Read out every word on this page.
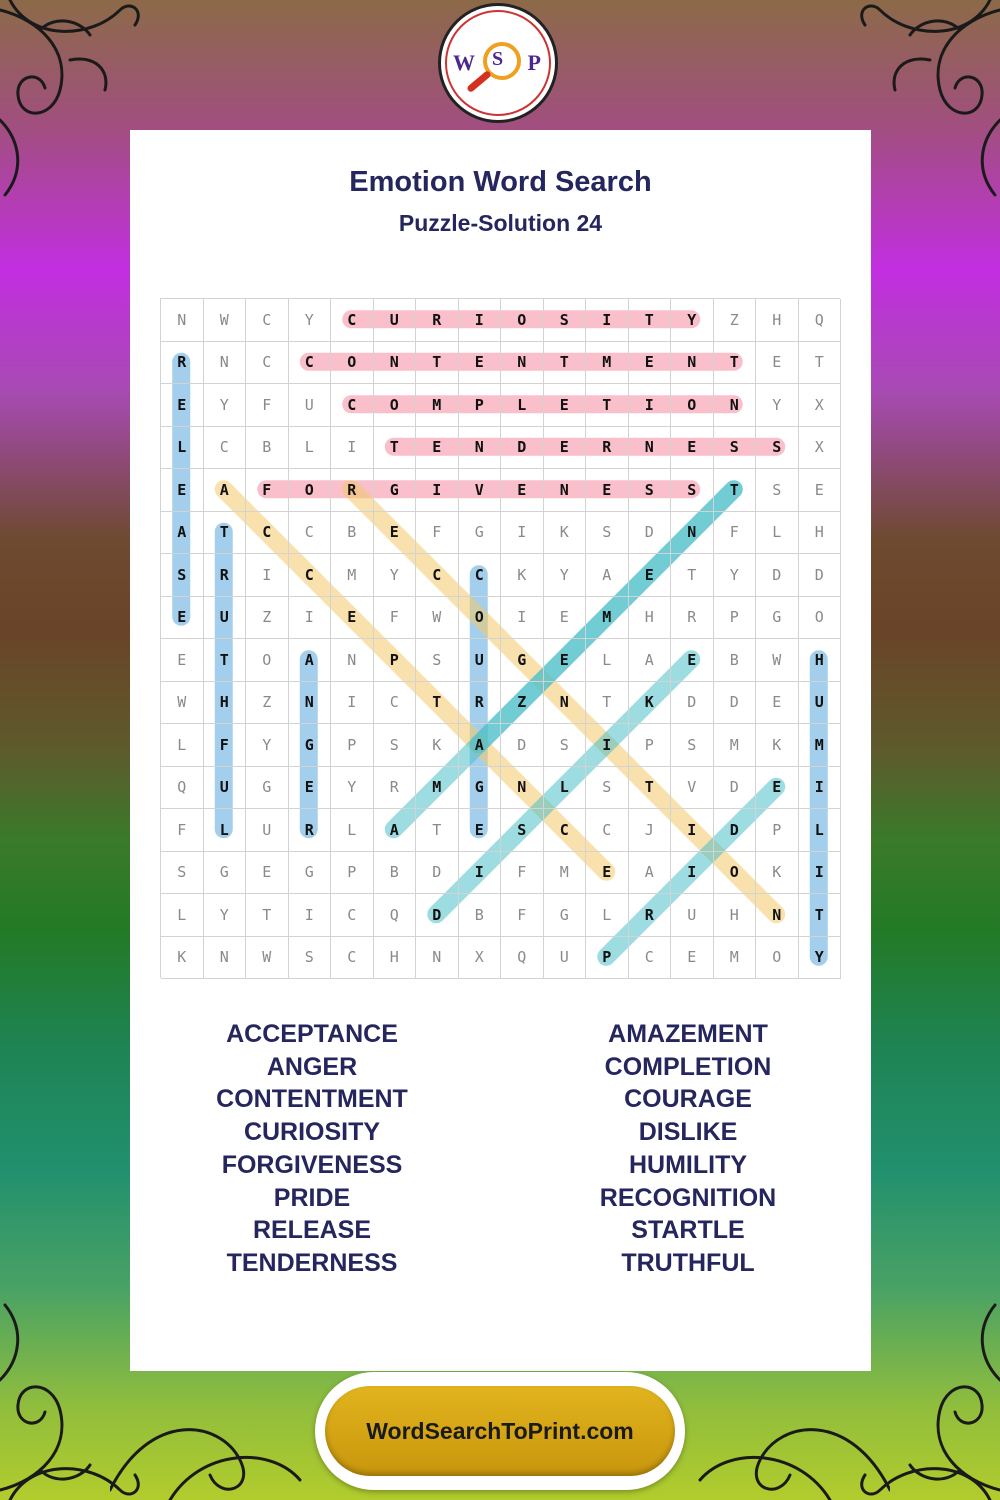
W S P
Emotion Word Search
Puzzle-Solution 24
N	W	C	Y	C	U	R	I	O	S	I	T	Y	Z	H	Q
R	N	C	C	O	N	T	E	N	T	M	E	N	T	E	T
E	Y	F	U	C	O	M	P	L	E	T	I	O	N	Y	X
L	C	B	L	I	T	E	N	D	E	R	N	E	S	S	X
E	A	F	O	R	G	I	V	E	N	E	S	S	T	S	E
A	T	C	C	B	E	F	G	I	K	S	D	N	F	L	H
S	R	I	C	M	Y	C	C	K	Y	A	E	T	Y	D	D
E	U	Z	I	E	F	W	O	I	E	M	H	R	P	G	O
E	T	O	A	N	P	S	U	G	E	L	A	E	B	W	H
W	H	Z	N	I	C	T	R	Z	N	T	K	D	D	E	U
L	F	Y	G	P	S	K	A	D	S	I	P	S	M	K	M
Q	U	G	E	Y	R	M	G	N	L	S	T	V	D	E	I
F	L	U	R	L	A	T	E	S	C	C	J	I	D	P	L
S	G	E	G	P	B	D	I	F	M	E	A	I	O	K	I
L	Y	T	I	C	Q	D	B	F	G	L	R	U	H	N	T
K	N	W	S	C	H	N	X	Q	U	P	C	E	M	O	Y
ACCEPTANCE
ANGER
CONTENTMENT
CURIOSITY
FORGIVENESS
PRIDE
RELEASE
TENDERNESS
AMAZEMENT
COMPLETION
COURAGE
DISLIKE
HUMILITY
RECOGNITION
STARTLE
TRUTHFUL
WordSearchToPrint.com
